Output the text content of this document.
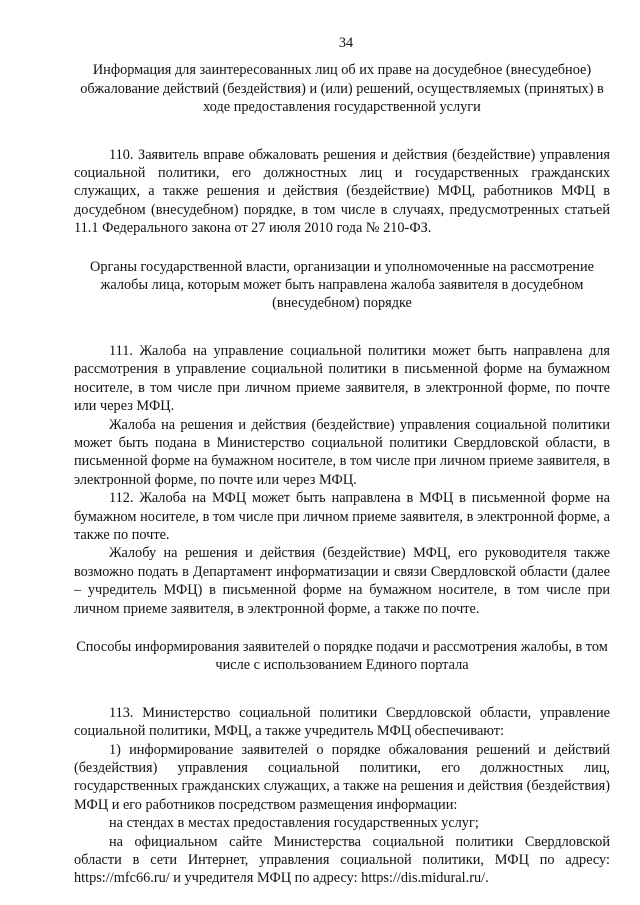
34

Информация для заинтересованных лиц об их праве на досудебное (внесудебное) обжалование действий (бездействия) и (или) решений, осуществляемых (принятых) в ходе предоставления государственной услуги

110. Заявитель вправе обжаловать решения и действия (бездействие) управления социальной политики, его должностных лиц и государственных гражданских служащих, а также решения и действия (бездействие) МФЦ, работников МФЦ в досудебном (внесудебном) порядке, в том числе в случаях, предусмотренных статьей 11.1 Федерального закона от 27 июля 2010 года № 210-ФЗ.

Органы государственной власти, организации и уполномоченные на рассмотрение жалобы лица, которым может быть направлена жалоба заявителя в досудебном (внесудебном) порядке

111. Жалоба на управление социальной политики может быть направлена для рассмотрения в управление социальной политики в письменной форме на бумажном носителе, в том числе при личном приеме заявителя, в электронной форме, по почте или через МФЦ.

Жалоба на решения и действия (бездействие) управления социальной политики может быть подана в Министерство социальной политики Свердловской области, в письменной форме на бумажном носителе, в том числе при личном приеме заявителя, в электронной форме, по почте или через МФЦ.

112. Жалоба на МФЦ может быть направлена в МФЦ в письменной форме на бумажном носителе, в том числе при личном приеме заявителя, в электронной форме, а также по почте.

Жалобу на решения и действия (бездействие) МФЦ, его руководителя также возможно подать в Департамент информатизации и связи Свердловской области (далее – учредитель МФЦ) в письменной форме на бумажном носителе, в том числе при личном приеме заявителя, в электронной форме, а также по почте.

Способы информирования заявителей о порядке подачи и рассмотрения жалобы, в том числе с использованием Единого портала

113. Министерство социальной политики Свердловской области, управление социальной политики, МФЦ, а также учредитель МФЦ обеспечивают:

1) информирование заявителей о порядке обжалования решений и действий (бездействия) управления социальной политики, его должностных лиц, государственных гражданских служащих, а также на решения и действия (бездействия) МФЦ и его работников посредством размещения информации:

на стендах в местах предоставления государственных услуг;

на официальном сайте Министерства социальной политики Свердловской области в сети Интернет, управления социальной политики, МФЦ по адресу: https://mfc66.ru/ и учредителя МФЦ по адресу: https://dis.midural.ru/.
